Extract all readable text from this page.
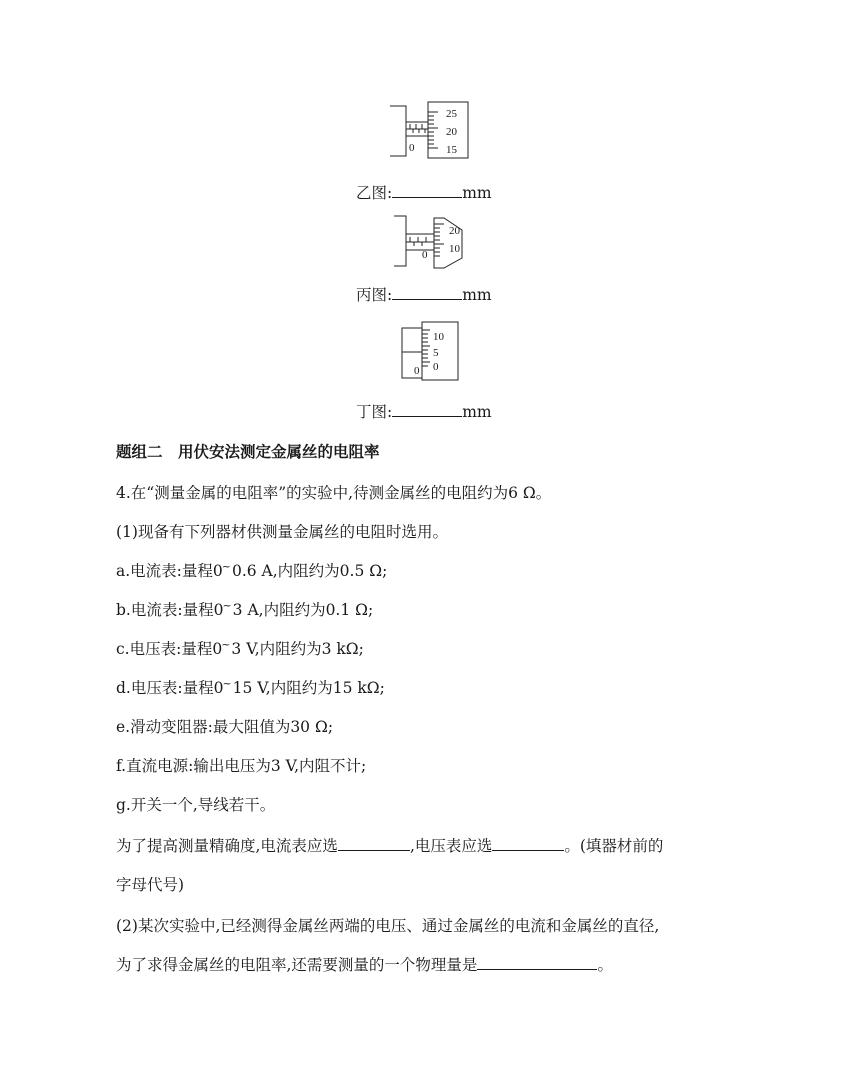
25
20
15
0
乙图:	mm
20
10
0
丙图:	mm
10
5
0
0
丁图:	mm
题组二　用伏安法测定金属丝的电阻率
4.在“测量金属的电阻率”的实验中,待测金属丝的电阻约为6 Ω。
(1)现备有下列器材供测量金属丝的电阻时选用。
a.电流表:量程0~0.6 A,内阻约为0.5 Ω;
b.电流表:量程0~3 A,内阻约为0.1 Ω;
c.电压表:量程0~3 V,内阻约为3 kΩ;
d.电压表:量程0~15 V,内阻约为15 kΩ;
e.滑动变阻器:最大阻值为30 Ω;
f.直流电源:输出电压为3 V,内阻不计;
g.开关一个,导线若干。
为了提高测量精确度,电流表应选	,电压表应选	。(填器材前的
字母代号)
(2)某次实验中,已经测得金属丝两端的电压、通过金属丝的电流和金属丝的直径,
为了求得金属丝的电阻率,还需要测量的一个物理量是	。
